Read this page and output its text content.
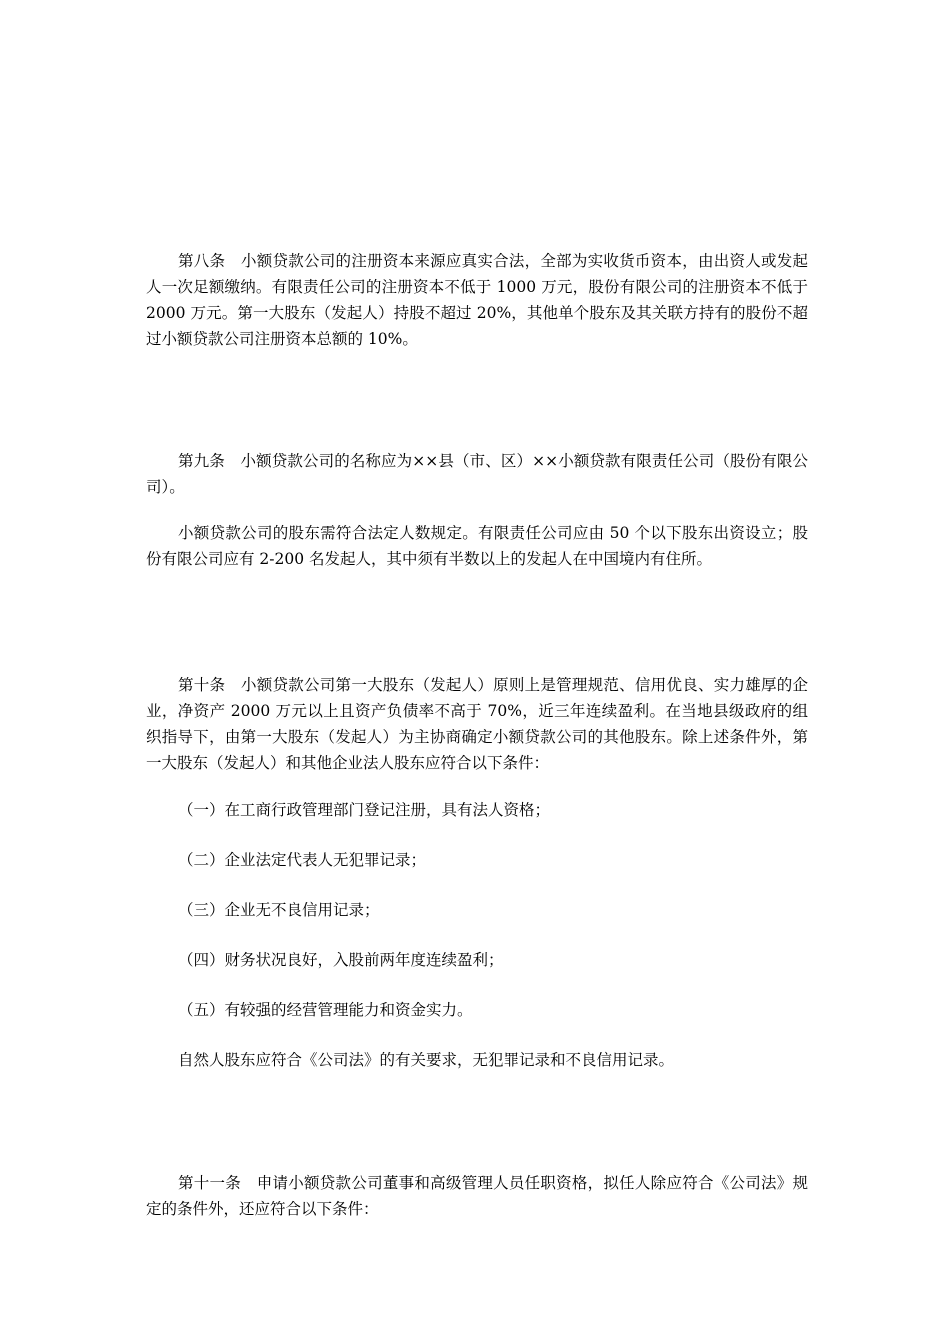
第八条　小额贷款公司的注册资本来源应真实合法，全部为实收货币资本，由出资人或发起人一次足额缴纳。有限责任公司的注册资本不低于 1000 万元，股份有限公司的注册资本不低于 2000 万元。第一大股东（发起人）持股不超过 20%，其他单个股东及其关联方持有的股份不超过小额贷款公司注册资本总额的 10%。

第九条　小额贷款公司的名称应为××县（市、区）××小额贷款有限责任公司（股份有限公司）。

小额贷款公司的股东需符合法定人数规定。有限责任公司应由 50 个以下股东出资设立；股份有限公司应有 2-200 名发起人，其中须有半数以上的发起人在中国境内有住所。

第十条　小额贷款公司第一大股东（发起人）原则上是管理规范、信用优良、实力雄厚的企业，净资产 2000 万元以上且资产负债率不高于 70%，近三年连续盈利。在当地县级政府的组织指导下，由第一大股东（发起人）为主协商确定小额贷款公司的其他股东。除上述条件外，第一大股东（发起人）和其他企业法人股东应符合以下条件：

（一）在工商行政管理部门登记注册，具有法人资格；

（二）企业法定代表人无犯罪记录；

（三）企业无不良信用记录；

（四）财务状况良好，入股前两年度连续盈利；

（五）有较强的经营管理能力和资金实力。

自然人股东应符合《公司法》的有关要求，无犯罪记录和不良信用记录。

第十一条　申请小额贷款公司董事和高级管理人员任职资格，拟任人除应符合《公司法》规定的条件外，还应符合以下条件：
